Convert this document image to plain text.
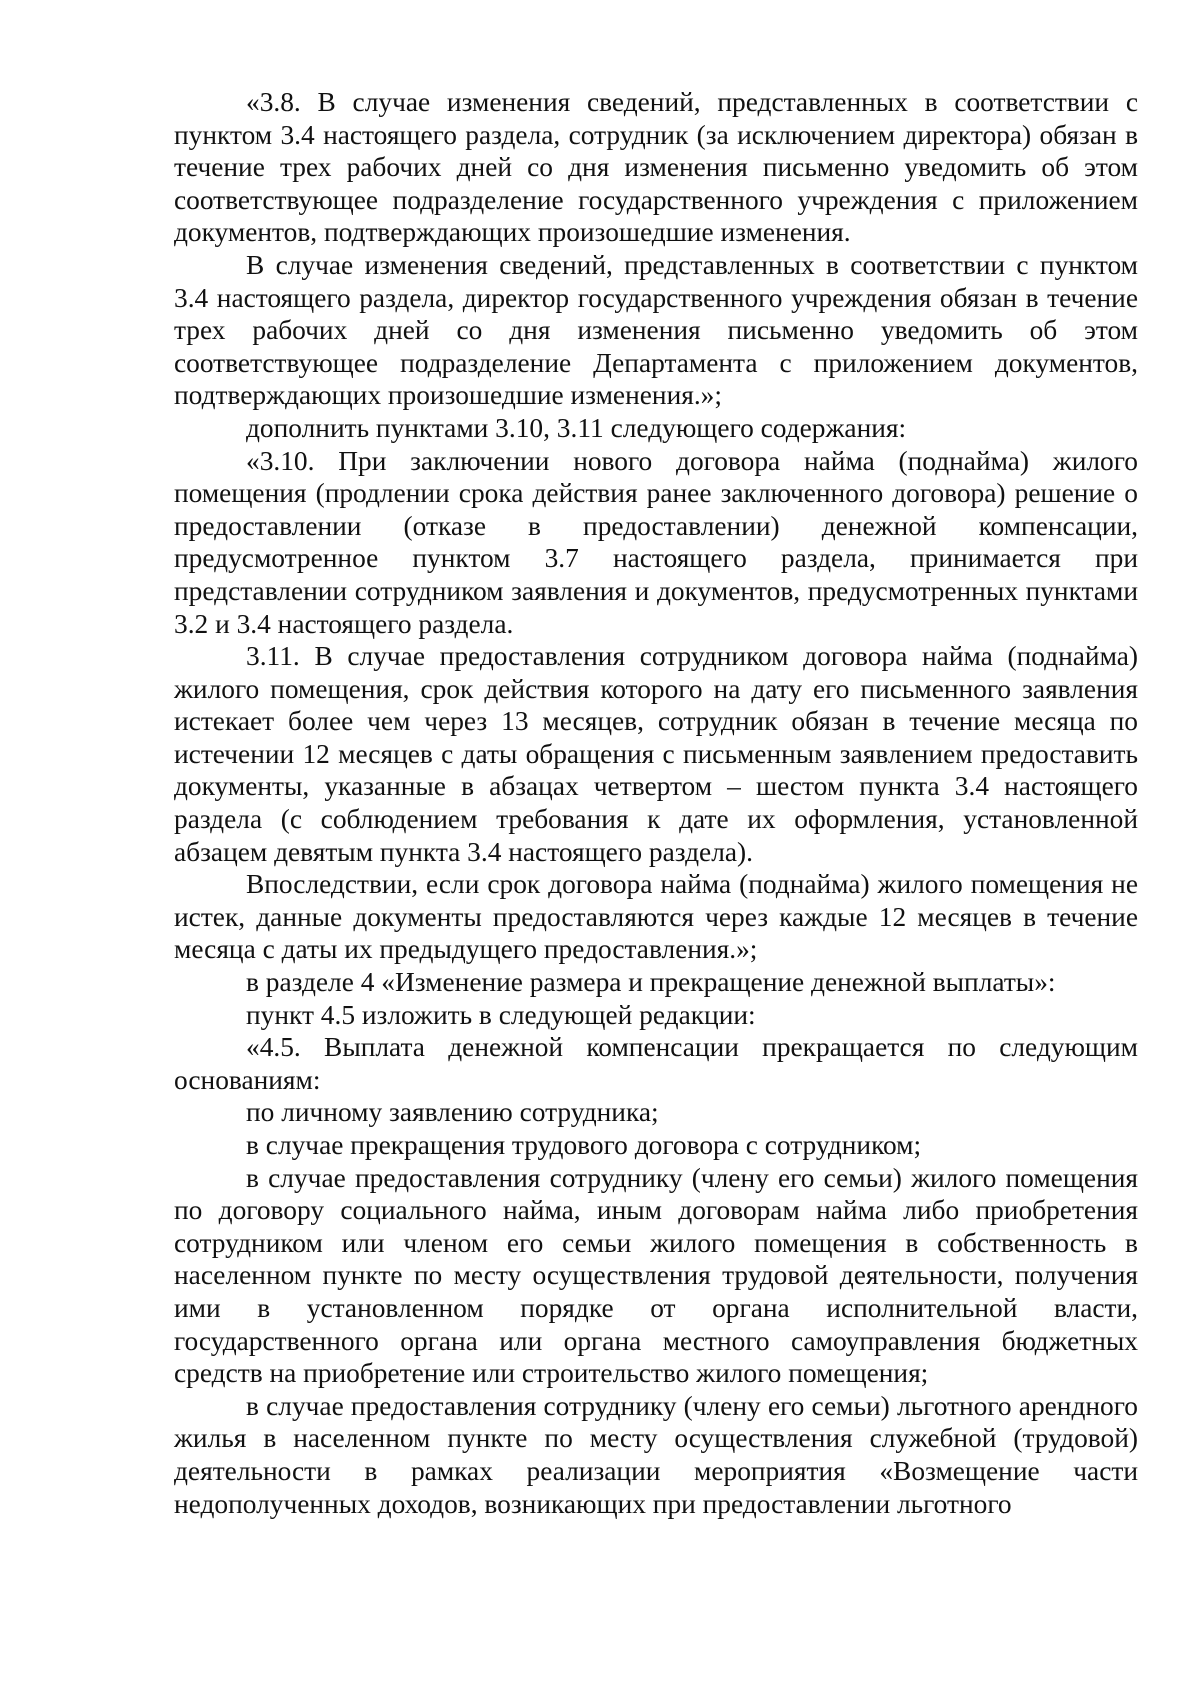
«3.8. В случае изменения сведений, представленных в соответствии с пунктом 3.4 настоящего раздела, сотрудник (за исключением директора) обязан в течение трех рабочих дней со дня изменения письменно уведомить об этом соответствующее подразделение государственного учреждения с приложением документов, подтверждающих произошедшие изменения.

В случае изменения сведений, представленных в соответствии с пунктом 3.4 настоящего раздела, директор государственного учреждения обязан в течение трех рабочих дней со дня изменения письменно уведомить об этом соответствующее подразделение Департамента с приложением документов, подтверждающих произошедшие изменения.»;

дополнить пунктами 3.10, 3.11 следующего содержания:

«3.10. При заключении нового договора найма (поднайма) жилого помещения (продлении срока действия ранее заключенного договора) решение о предоставлении (отказе в предоставлении) денежной компенсации, предусмотренное пунктом 3.7 настоящего раздела, принимается при представлении сотрудником заявления и документов, предусмотренных пунктами 3.2 и 3.4 настоящего раздела.

3.11. В случае предоставления сотрудником договора найма (поднайма) жилого помещения, срок действия которого на дату его письменного заявления истекает более чем через 13 месяцев, сотрудник обязан в течение месяца по истечении 12 месяцев с даты обращения с письменным заявлением предоставить документы, указанные в абзацах четвертом – шестом пункта 3.4 настоящего раздела (с соблюдением требования к дате их оформления, установленной абзацем девятым пункта 3.4 настоящего раздела).

Впоследствии, если срок договора найма (поднайма) жилого помещения не истек, данные документы предоставляются через каждые 12 месяцев в течение месяца с даты их предыдущего предоставления.»;

в разделе 4 «Изменение размера и прекращение денежной выплаты»:

пункт 4.5 изложить в следующей редакции:

«4.5. Выплата денежной компенсации прекращается по следующим основаниям:

по личному заявлению сотрудника;

в случае прекращения трудового договора с сотрудником;

в случае предоставления сотруднику (члену его семьи) жилого помещения по договору социального найма, иным договорам найма либо приобретения сотрудником или членом его семьи жилого помещения в собственность в населенном пункте по месту осуществления трудовой деятельности, получения ими в установленном порядке от органа исполнительной власти, государственного органа или органа местного самоуправления бюджетных средств на приобретение или строительство жилого помещения;

в случае предоставления сотруднику (члену его семьи) льготного арендного жилья в населенном пункте по месту осуществления служебной (трудовой) деятельности в рамках реализации мероприятия «Возмещение части недополученных доходов, возникающих при предоставлении льготного
